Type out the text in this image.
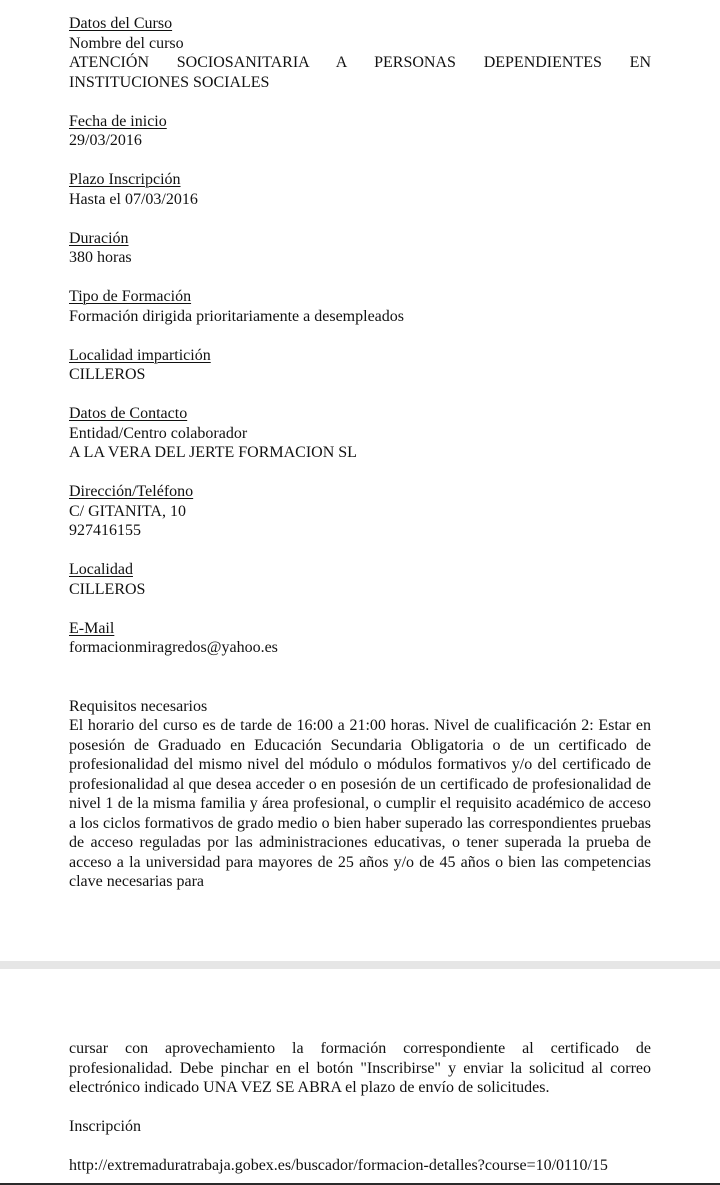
Datos del Curso
Nombre del curso
ATENCIÓN SOCIOSANITARIA A PERSONAS DEPENDIENTES EN
INSTITUCIONES SOCIALES
Fecha de inicio
29/03/2016
Plazo Inscripción
Hasta el 07/03/2016
Duración
380 horas
Tipo de Formación
Formación dirigida prioritariamente a desempleados
Localidad impartición
CILLEROS
Datos de Contacto
Entidad/Centro colaborador
A LA VERA DEL JERTE FORMACION SL
Dirección/Teléfono
C/ GITANITA, 10
927416155
Localidad
CILLEROS
E-Mail
formacionmiragredos@yahoo.es
Requisitos necesarios
El horario del curso es de tarde de 16:00 a 21:00 horas. Nivel de cualificación 2: Estar en posesión de Graduado en Educación Secundaria Obligatoria o de un certificado de profesionalidad del mismo nivel del módulo o módulos formativos y/o del certificado de profesionalidad al que desea acceder o en posesión de un certificado de profesionalidad de nivel 1 de la misma familia y área profesional, o cumplir el requisito académico de acceso a los ciclos formativos de grado medio o bien haber superado las correspondientes pruebas de acceso reguladas por las administraciones educativas, o tener superada la prueba de acceso a la universidad para mayores de 25 años y/o de 45 años o bien las competencias clave necesarias para
cursar con aprovechamiento la formación correspondiente al certificado de profesionalidad. Debe pinchar en el botón "Inscribirse" y enviar la solicitud al correo electrónico indicado UNA VEZ SE ABRA el plazo de envío de solicitudes.
Inscripción
http://extremaduratrabaja.gobex.es/buscador/formacion-detalles?course=10/0110/15
